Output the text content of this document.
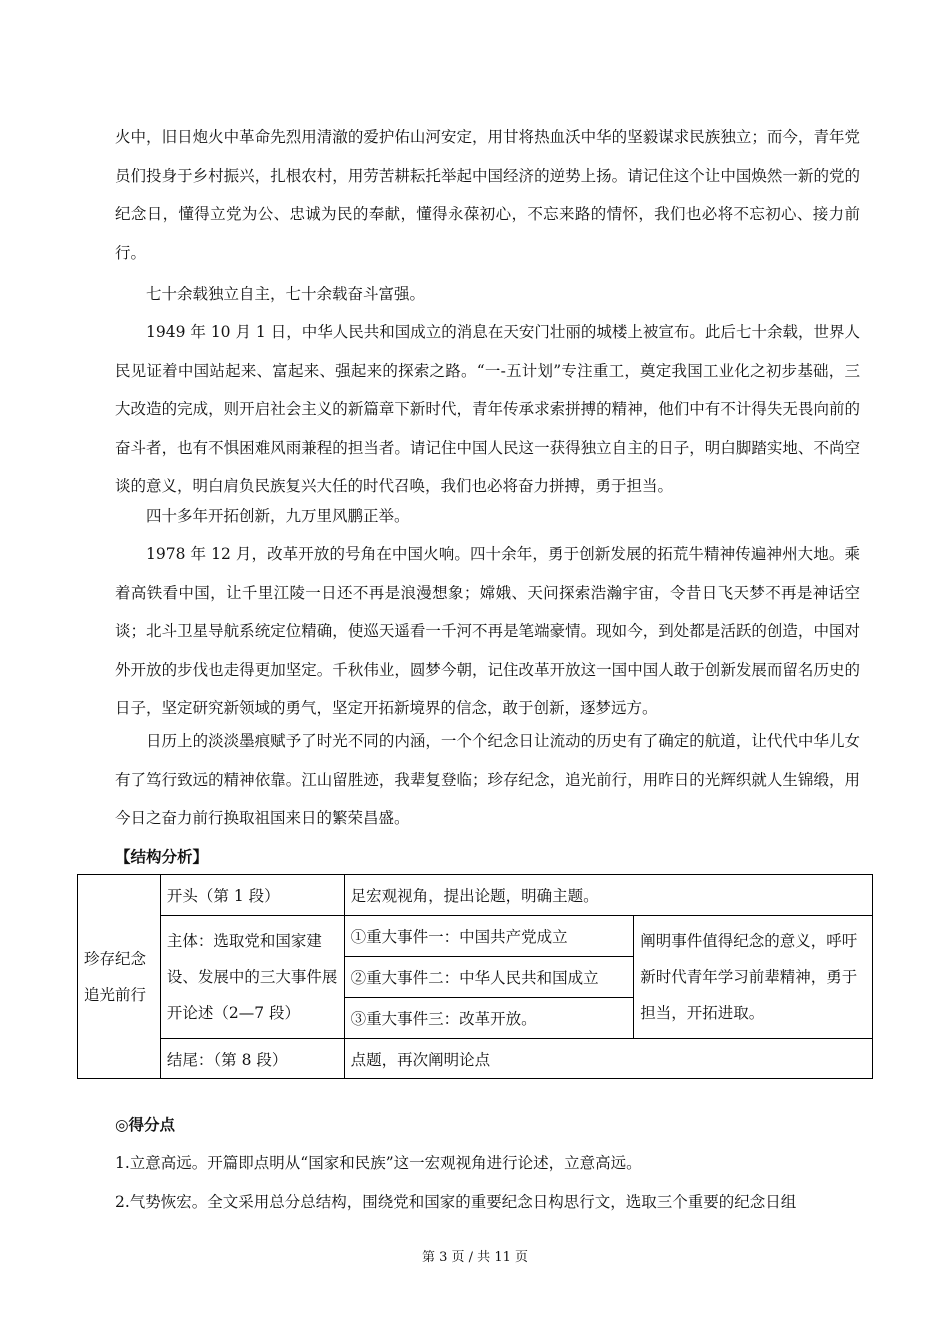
火中，旧日炮火中革命先烈用清澈的爱护佑山河安定，用甘将热血沃中华的坚毅谋求民族独立；而今，青年党员们投身于乡村振兴，扎根农村，用劳苦耕耘托举起中国经济的逆势上扬。请记住这个让中国焕然一新的党的纪念日，懂得立党为公、忠诚为民的奉献，懂得永葆初心，不忘来路的情怀，我们也必将不忘初心、接力前行。

七十余载独立自主，七十余载奋斗富强。

1949 年 10 月 1 日，中华人民共和国成立的消息在天安门壮丽的城楼上被宣布。此后七十余载，世界人民见证着中国站起来、富起来、强起来的探索之路。“一-五计划”专注重工，奠定我国工业化之初步基础，三大改造的完成，则开启社会主义的新篇章下新时代，青年传承求索拼搏的精神，他们中有不计得失无畏向前的奋斗者，也有不惧困难风雨兼程的担当者。请记住中国人民这一获得独立自主的日子，明白脚踏实地、不尚空谈的意义，明白肩负民族复兴大任的时代召唤，我们也必将奋力拼搏，勇于担当。

四十多年开拓创新，九万里风鹏正举。

1978 年 12 月，改革开放的号角在中国火响。四十余年，勇于创新发展的拓荒牛精神传遍神州大地。乘着高铁看中国，让千里江陵一日还不再是浪漫想象；嫦娥、天问探索浩瀚宇宙，令昔日飞天梦不再是神话空谈；北斗卫星导航系统定位精确，使巡天遥看一千河不再是笔端豪情。现如今，到处都是活跃的创造，中国对外开放的步伐也走得更加坚定。千秋伟业，圆梦今朝，记住改革开放这一国中国人敢于创新发展而留名历史的日子，坚定研究新领域的勇气，坚定开拓新境界的信念，敢于创新，逐梦远方。

日历上的淡淡墨痕赋予了时光不同的内涵，一个个纪念日让流动的历史有了确定的航道，让代代中华儿女有了笃行致远的精神依靠。江山留胜迹，我辈复登临；珍存纪念，追光前行，用昨日的光辉织就人生锦缎，用今日之奋力前行换取祖国来日的繁荣昌盛。

【结构分析】
珍存纪念追光前行	开头（第 1 段）	足宏观视角，提出论题，明确主题。	
	主体：选取党和国家建设、发展中的三大事件展开论述（2—7 段）	①重大事件一：中国共产党成立	阐明事件值得纪念的意义，呼吁新时代青年学习前辈精神，勇于担当，开拓进取。
		②重大事件二：中华人民共和国成立	
		③重大事件三：改革开放。	
	结尾：（第 8 段）	点题，再次阐明论点	
◎得分点

1.立意高远。开篇即点明从“国家和民族”这一宏观视角进行论述，立意高远。

2.气势恢宏。全文采用总分总结构，围绕党和国家的重要纪念日构思行文，选取三个重要的纪念日组

第 3 页 / 共 11 页
